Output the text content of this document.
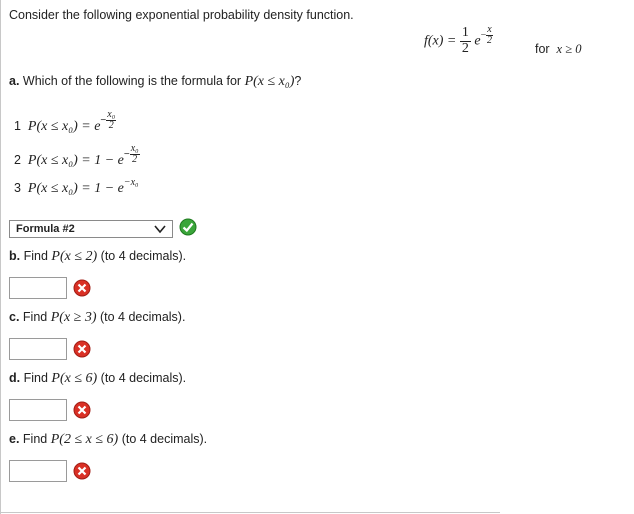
Consider the following exponential probability density function.
$f(x) = \frac{1}{2} e- \frac{x}{2}$
for x ≥ 0
a. Which of the following is the formula for P(x ≤ x₀)?
1 $P(x \le x_0) = e- \frac{\text{x₀}}{2}$
2 $P(x \le x_0) = 1 - e- \frac{\text{x₀}}{2}$
3 P(x ≤ x₀) = 1 − e−x₀
Formula #2
b. Find P(x ≤ 2) (to 4 decimals).
c. Find P(x ≥ 3) (to 4 decimals).
d. Find P(x ≤ 6) (to 4 decimals).
e. Find P(2 ≤ x ≤ 6) (to 4 decimals).
